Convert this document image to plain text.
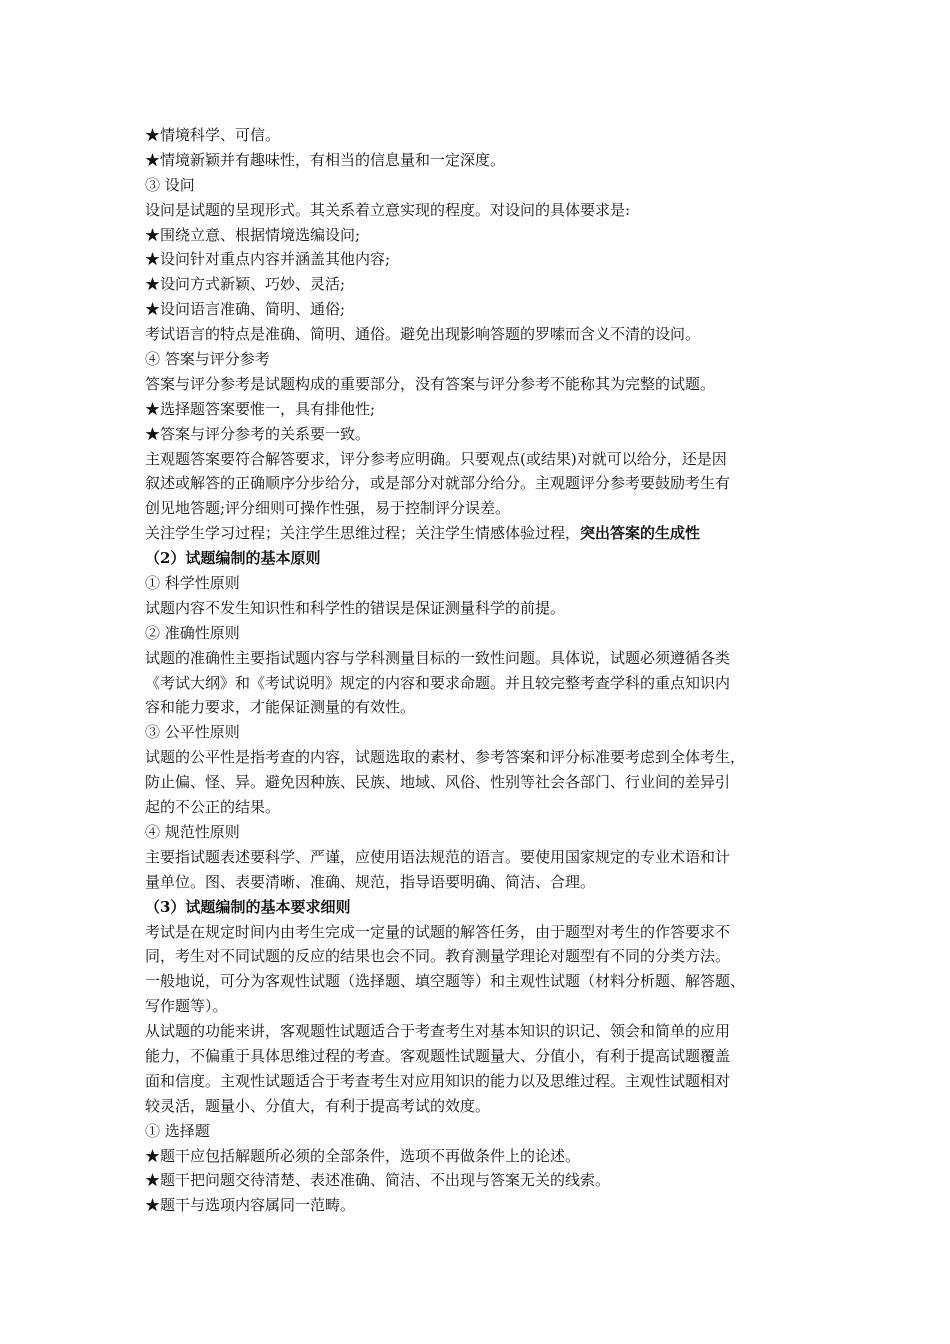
★情境科学、可信。
★情境新颖并有趣味性，有相当的信息量和一定深度。
③ 设问
设问是试题的呈现形式。其关系着立意实现的程度。对设问的具体要求是:
★围绕立意、根据情境选编设问;
★设问针对重点内容并涵盖其他内容;
★设问方式新颖、巧妙、灵活;
★设问语言准确、简明、通俗;
考试语言的特点是准确、简明、通俗。避免出现影响答题的罗嗦而含义不清的设问。
④ 答案与评分参考
答案与评分参考是试题构成的重要部分，没有答案与评分参考不能称其为完整的试题。
★选择题答案要惟一，具有排他性;
★答案与评分参考的关系要一致。
主观题答案要符合解答要求，评分参考应明确。只要观点(或结果)对就可以给分，还是因
叙述或解答的正确顺序分步给分，或是部分对就部分给分。主观题评分参考要鼓励考生有
创见地答题;评分细则可操作性强，易于控制评分误差。
关注学生学习过程；关注学生思维过程；关注学生情感体验过程，突出答案的生成性
（2）试题编制的基本原则
① 科学性原则
试题内容不发生知识性和科学性的错误是保证测量科学的前提。
② 准确性原则
试题的准确性主要指试题内容与学科测量目标的一致性问题。具体说，试题必须遵循各类
《考试大纲》和《考试说明》规定的内容和要求命题。并且较完整考查学科的重点知识内
容和能力要求，才能保证测量的有效性。
③ 公平性原则
试题的公平性是指考查的内容，试题选取的素材、参考答案和评分标准要考虑到全体考生，
防止偏、怪、异。避免因种族、民族、地域、风俗、性别等社会各部门、行业间的差异引
起的不公正的结果。
④ 规范性原则
主要指试题表述要科学、严谨，应使用语法规范的语言。要使用国家规定的专业术语和计
量单位。图、表要清晰、准确、规范，指导语要明确、简洁、合理。
（3）试题编制的基本要求细则
考试是在规定时间内由考生完成一定量的试题的解答任务，由于题型对考生的作答要求不
同，考生对不同试题的反应的结果也会不同。教育测量学理论对题型有不同的分类方法。
一般地说，可分为客观性试题（选择题、填空题等）和主观性试题（材料分析题、解答题、
写作题等）。
从试题的功能来讲，客观题性试题适合于考查考生对基本知识的识记、领会和简单的应用
能力，不偏重于具体思维过程的考查。客观题性试题量大、分值小，有利于提高试题覆盖
面和信度。主观性试题适合于考查考生对应用知识的能力以及思维过程。主观性试题相对
较灵活，题量小、分值大，有利于提高考试的效度。
① 选择题
★题干应包括解题所必须的全部条件，选项不再做条件上的论述。
★题干把问题交待清楚、表述准确、简洁、不出现与答案无关的线索。
★题干与选项内容属同一范畴。
